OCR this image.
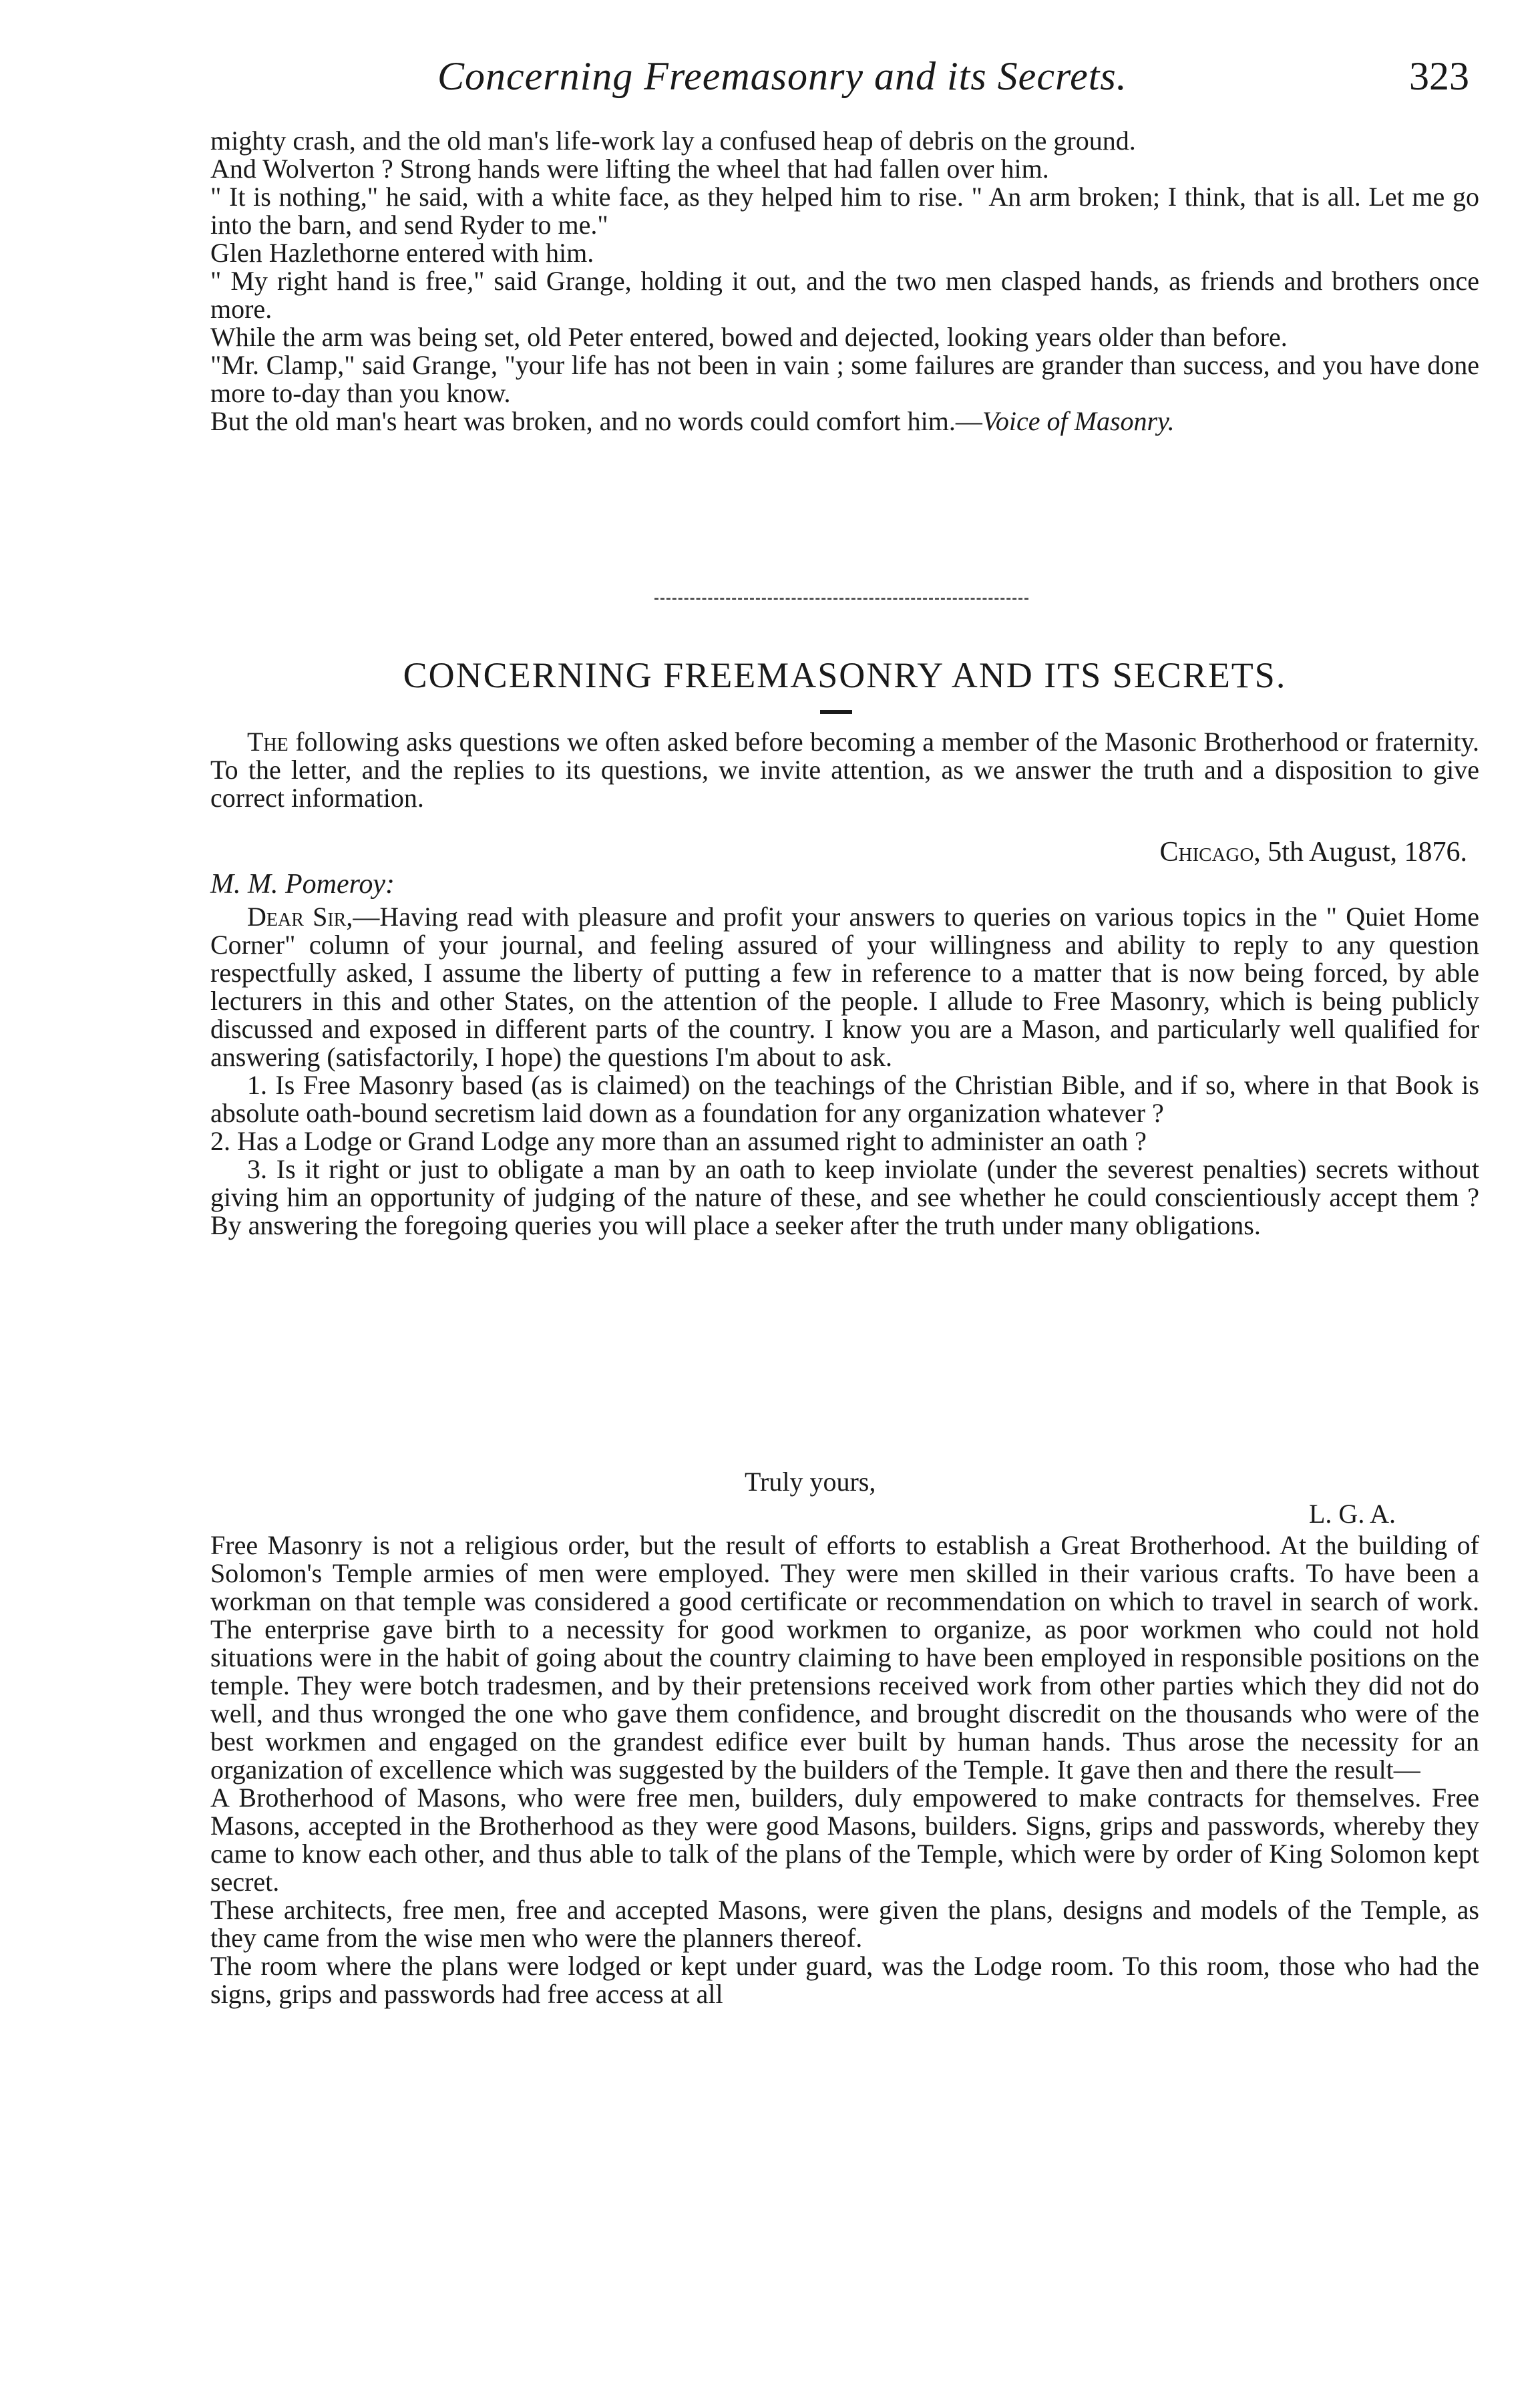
Concerning Freemasonry and its Secrets.	323

mighty crash, and the old man's life-work lay a confused heap of debris on the ground.

And Wolverton ? Strong hands were lifting the wheel that had fallen over him.

" It is nothing," he said, with a white face, as they helped him to rise. " An arm broken; I think, that is all. Let me go into the barn, and send Ryder to me."

Glen Hazlethorne entered with him.

" My right hand is free," said Grange, holding it out, and the two men clasped hands, as friends and brothers once more.

While the arm was being set, old Peter entered, bowed and dejected, looking years older than before.

"Mr. Clamp," said Grange, "your life has not been in vain ; some failures are grander than success, and you have done more to-day than you know.

But the old man's heart was broken, and no words could comfort him.—Voice of Masonry.

CONCERNING FREEMASONRY AND ITS SECRETS.

The following asks questions we often asked before becoming a member of the Masonic Brotherhood or fraternity. To the letter, and the replies to its questions, we invite attention, as we answer the truth and a disposition to give correct information.

Chicago, 5th August, 1876.
M. M. Pomeroy:

Dear Sir,—Having read with pleasure and profit your answers to queries on various topics in the " Quiet Home Corner" column of your journal, and feeling assured of your willingness and ability to reply to any question respectfully asked, I assume the liberty of putting a few in reference to a matter that is now being forced, by able lecturers in this and other States, on the attention of the people. I allude to Free Masonry, which is being publicly discussed and exposed in different parts of the country. I know you are a Mason, and particularly well qualified for answering (satisfactorily, I hope) the questions I'm about to ask.

1. Is Free Masonry based (as is claimed) on the teachings of the Christian Bible, and if so, where in that Book is absolute oath-bound secretism laid down as a foundation for any organization whatever ?

2. Has a Lodge or Grand Lodge any more than an assumed right to administer an oath ?

3. Is it right or just to obligate a man by an oath to keep inviolate (under the severest penalties) secrets without giving him an opportunity of judging of the nature of these, and see whether he could conscientiously accept them ? By answering the foregoing queries you will place a seeker after the truth under many obligations.

Truly yours,
L. G. A.

Free Masonry is not a religious order, but the result of efforts to establish a Great Brotherhood. At the building of Solomon's Temple armies of men were employed. They were men skilled in their various crafts. To have been a workman on that temple was considered a good certificate or recommendation on which to travel in search of work. The enterprise gave birth to a necessity for good workmen to organize, as poor workmen who could not hold situations were in the habit of going about the country claiming to have been employed in responsible positions on the temple. They were botch tradesmen, and by their pretensions received work from other parties which they did not do well, and thus wronged the one who gave them confidence, and brought discredit on the thousands who were of the best workmen and engaged on the grandest edifice ever built by human hands. Thus arose the necessity for an organization of excellence which was suggested by the builders of the Temple. It gave then and there the result—

A Brotherhood of Masons, who were free men, builders, duly empowered to make contracts for themselves. Free Masons, accepted in the Brotherhood as they were good Masons, builders. Signs, grips and passwords, whereby they came to know each other, and thus able to talk of the plans of the Temple, which were by order of King Solomon kept secret.

These architects, free men, free and accepted Masons, were given the plans, designs and models of the Temple, as they came from the wise men who were the planners thereof.

The room where the plans were lodged or kept under guard, was the Lodge room. To this room, those who had the signs, grips and passwords had free access at all
